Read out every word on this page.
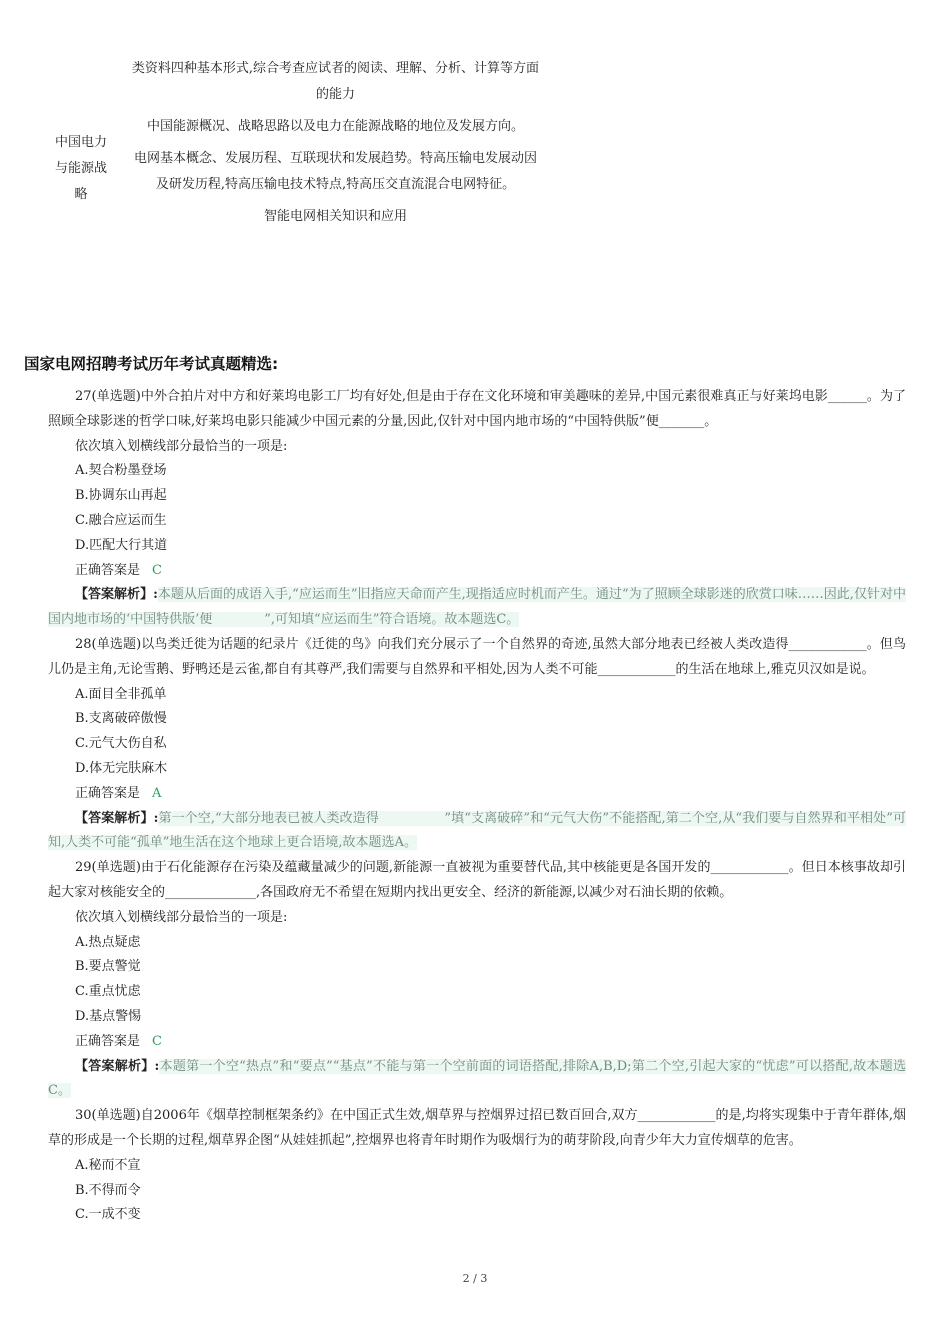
中国电力
与能源战
略
类资料四种基本形式,综合考查应试者的阅读、理解、分析、计算等方面
的能力
中国能源概况、战略思路以及电力在能源战略的地位及发展方向。
电网基本概念、发展历程、互联现状和发展趋势。特高压输电发展动因
及研发历程,特高压输电技术特点,特高压交直流混合电网特征。
智能电网相关知识和应用
国家电网招聘考试历年考试真题精选:

27(单选题)中外合拍片对中方和好莱坞电影工厂均有好处,但是由于存在文化环境和审美趣味的差异,中国元素很难真正与好莱坞电影______。为了照顾全球影迷的哲学口味,好莱坞电影只能减少中国元素的分量,因此,仅针对中国内地市场的“中国特供版”便_______。

依次填入划横线部分最恰当的一项是:

A.契合粉墨登场

B.协调东山再起

C.融合应运而生

D.匹配大行其道

正确答案是 C

【答案解析】:本题从后面的成语入手,“应运而生”旧指应天命而产生,现指适应时机而产生。通过“为了照顾全球影迷的欣赏口味……因此,仅针对中国内地市场的‘中国特供版’便　　　　”,可知填“应运而生”符合语境。故本题选C。

28(单选题)以鸟类迁徙为话题的纪录片《迁徙的鸟》向我们充分展示了一个自然界的奇迹,虽然大部分地表已经被人类改造得____________。但鸟儿仍是主角,无论雪鹅、野鸭还是云雀,都自有其尊严,我们需要与自然界和平相处,因为人类不可能____________的生活在地球上,雅克贝汉如是说。

A.面目全非孤单

B.支离破碎傲慢

C.元气大伤自私

D.体无完肤麻木

正确答案是 A

【答案解析】:第一个空,“大部分地表已被人类改造得　　　　　”填“支离破碎”和“元气大伤”不能搭配,第二个空,从“我们要与自然界和平相处”可知,人类不可能“孤单”地生活在这个地球上更合语境,故本题选A。

29(单选题)由于石化能源存在污染及蕴藏量减少的问题,新能源一直被视为重要替代品,其中核能更是各国开发的____________。但日本核事故却引起大家对核能安全的______________,各国政府无不希望在短期内找出更安全、经济的新能源,以减少对石油长期的依赖。

依次填入划横线部分最恰当的一项是:

A.热点疑虑

B.要点警觉

C.重点忧虑

D.基点警惕

正确答案是 C

【答案解析】:本题第一个空“热点”和“要点”“基点”不能与第一个空前面的词语搭配,排除A,B,D;第二个空,引起大家的“忧虑”可以搭配,故本题选C。

30(单选题)自2006年《烟草控制框架条约》在中国正式生效,烟草界与控烟界过招已数百回合,双方____________的是,均将实现集中于青年群体,烟草的形成是一个长期的过程,烟草界企图“从娃娃抓起”,控烟界也将青年时期作为吸烟行为的萌芽阶段,向青少年大力宣传烟草的危害。

A.秘而不宣

B.不得而令

C.一成不变

2 / 3
